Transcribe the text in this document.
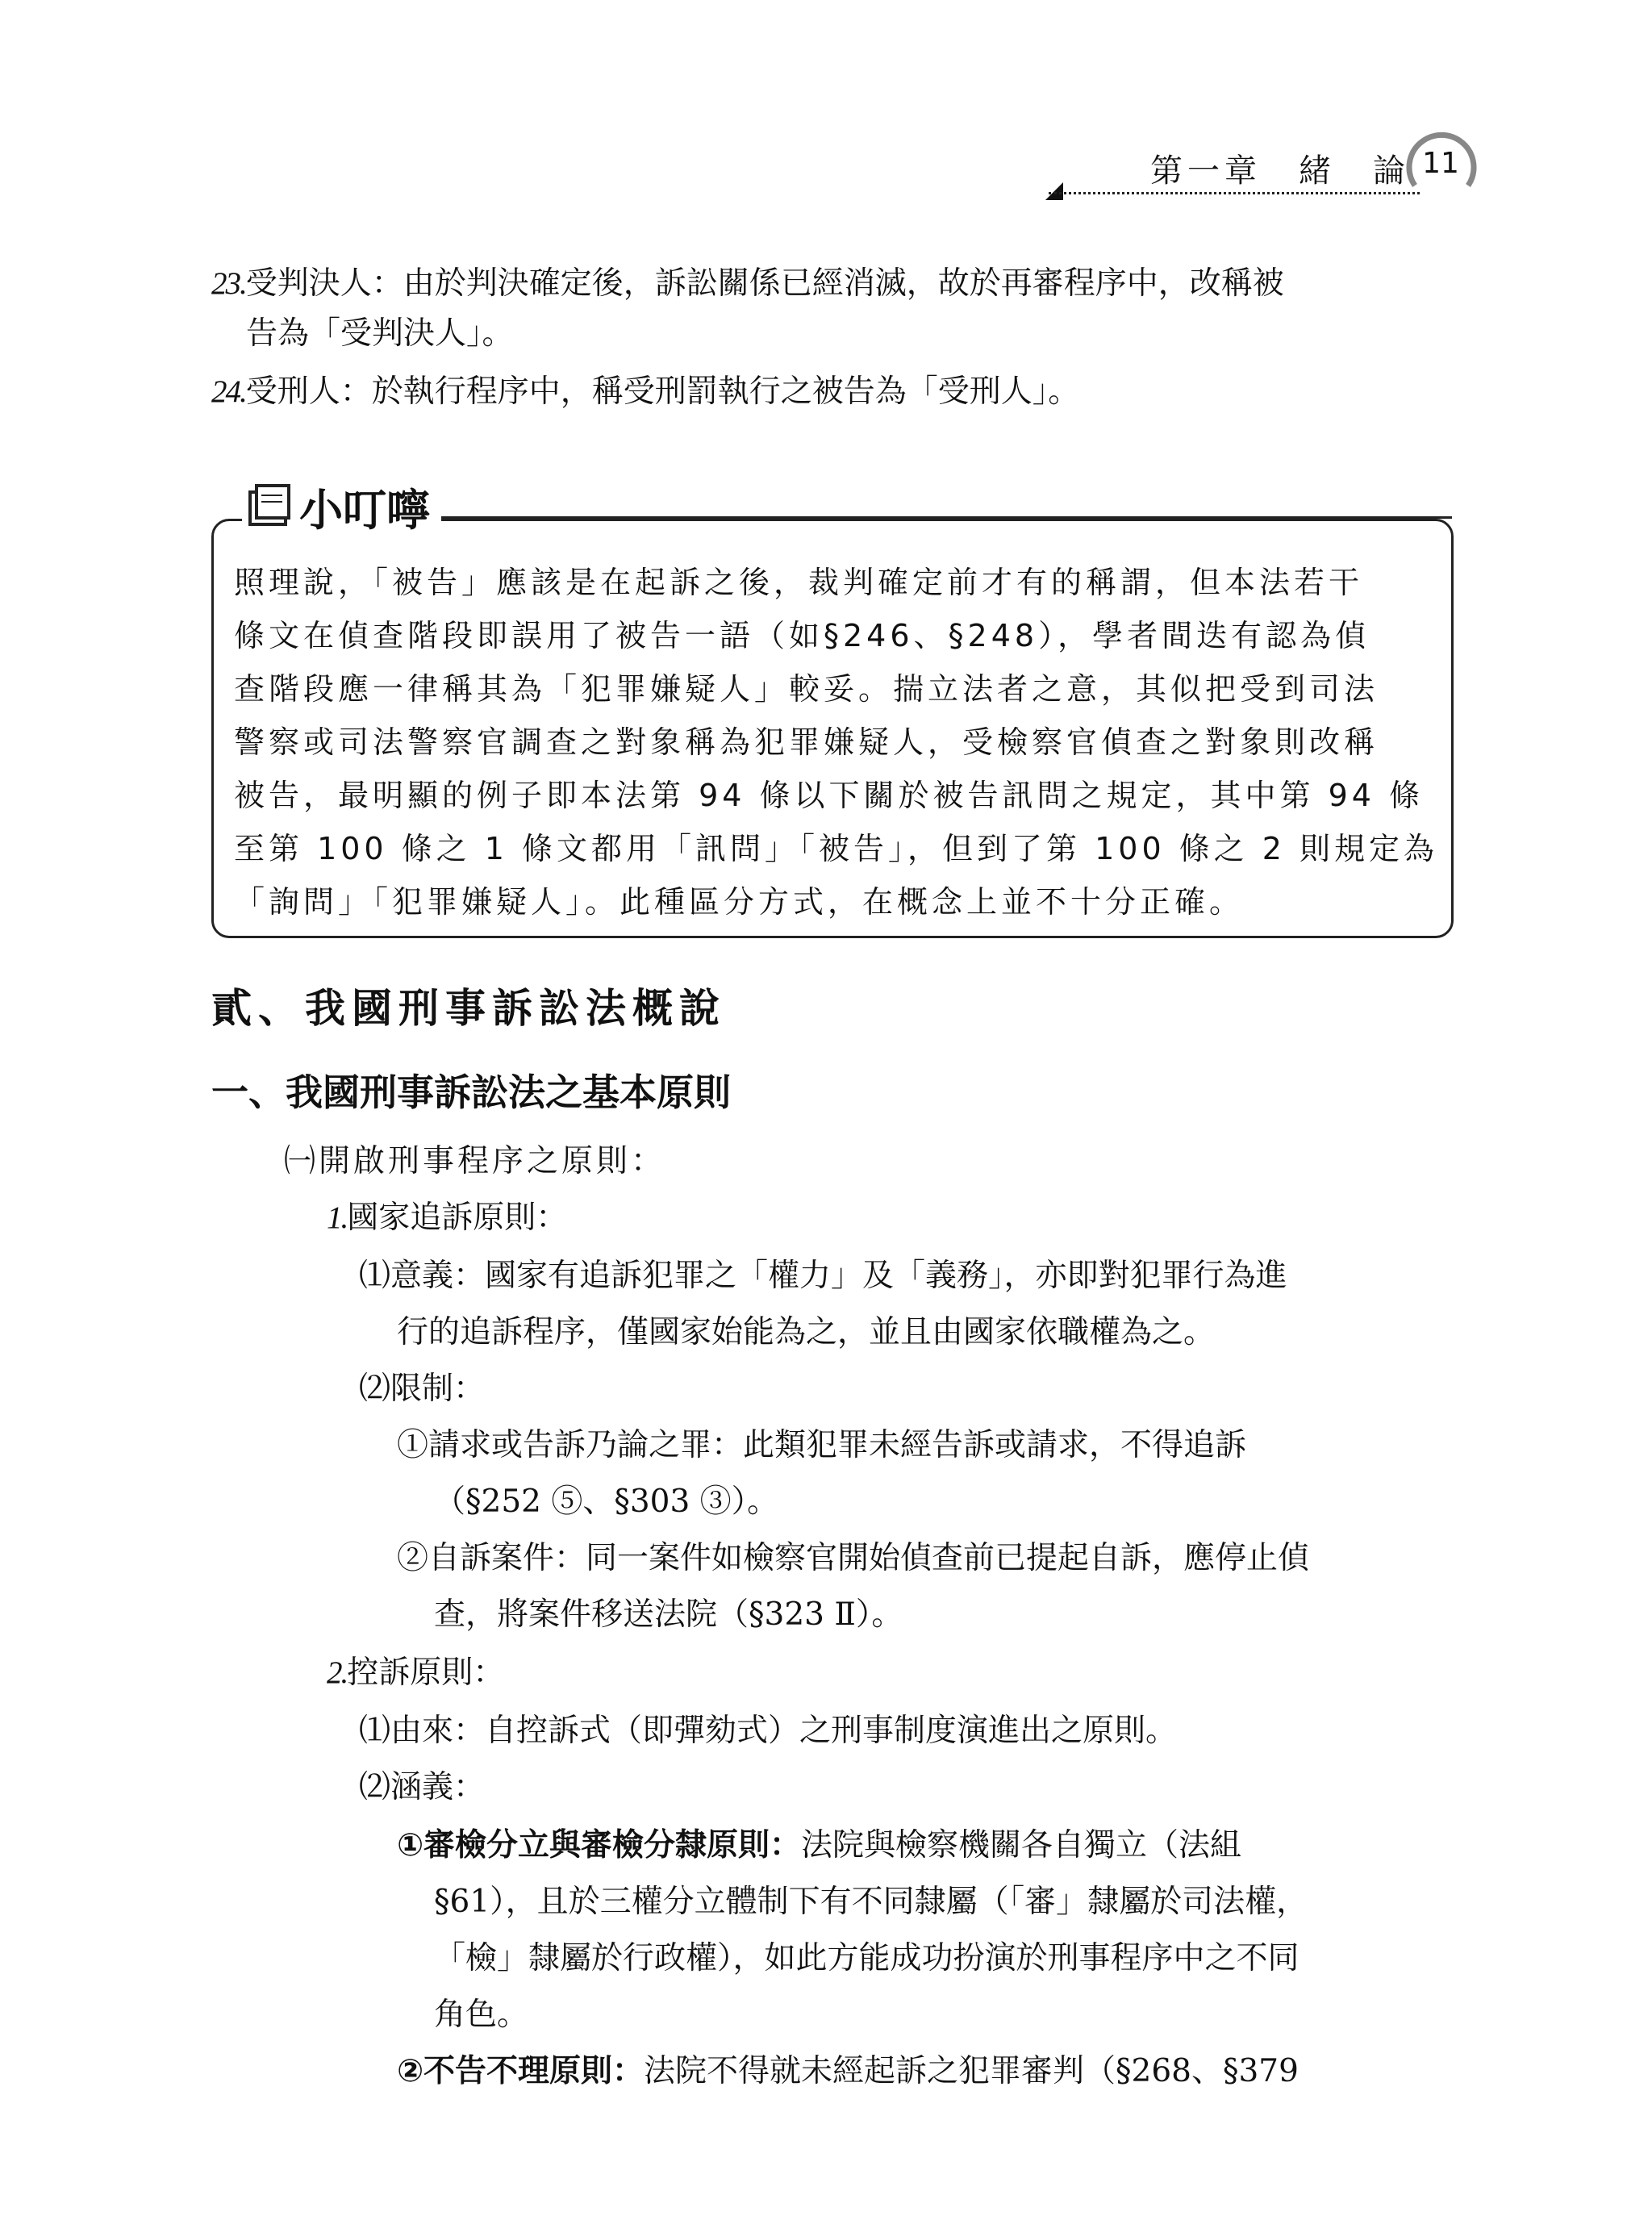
第一章　緒　論 11
23.受判決人：由於判決確定後，訴訟關係已經消滅，故於再審程序中，改稱被
告為「受判決人」。
24.受刑人：於執行程序中，稱受刑罰執行之被告為「受刑人」。
小叮嚀
照理說，「被告」應該是在起訴之後，裁判確定前才有的稱謂，但本法若干
條文在偵查階段即誤用了被告一語（如§246、§248），學者間迭有認為偵
查階段應一律稱其為「犯罪嫌疑人」較妥。揣立法者之意，其似把受到司法
警察或司法警察官調查之對象稱為犯罪嫌疑人，受檢察官偵查之對象則改稱
被告，最明顯的例子即本法第 94 條以下關於被告訊問之規定，其中第 94 條
至第 100 條之 1 條文都用「訊問」「被告」，但到了第 100 條之 2 則規定為
「詢問」「犯罪嫌疑人」。此種區分方式，在概念上並不十分正確。
貳、我國刑事訴訟法概說
一、我國刑事訴訟法之基本原則
㈠開啟刑事程序之原則：
1.國家追訴原則：
⑴意義：國家有追訴犯罪之「權力」及「義務」，亦即對犯罪行為進
行的追訴程序，僅國家始能為之，並且由國家依職權為之。
⑵限制：
①請求或告訴乃論之罪：此類犯罪未經告訴或請求，不得追訴
（§252 ⑤、§303 ③）。
②自訴案件：同一案件如檢察官開始偵查前已提起自訴，應停止偵
查，將案件移送法院（§323 Ⅱ）。
2.控訴原則：
⑴由來：自控訴式（即彈劾式）之刑事制度演進出之原則。
⑵涵義：
①審檢分立與審檢分隸原則：法院與檢察機關各自獨立（法組
§61），且於三權分立體制下有不同隸屬（「審」隸屬於司法權，
「檢」隸屬於行政權），如此方能成功扮演於刑事程序中之不同
角色。
②不告不理原則：法院不得就未經起訴之犯罪審判（§268、§379
